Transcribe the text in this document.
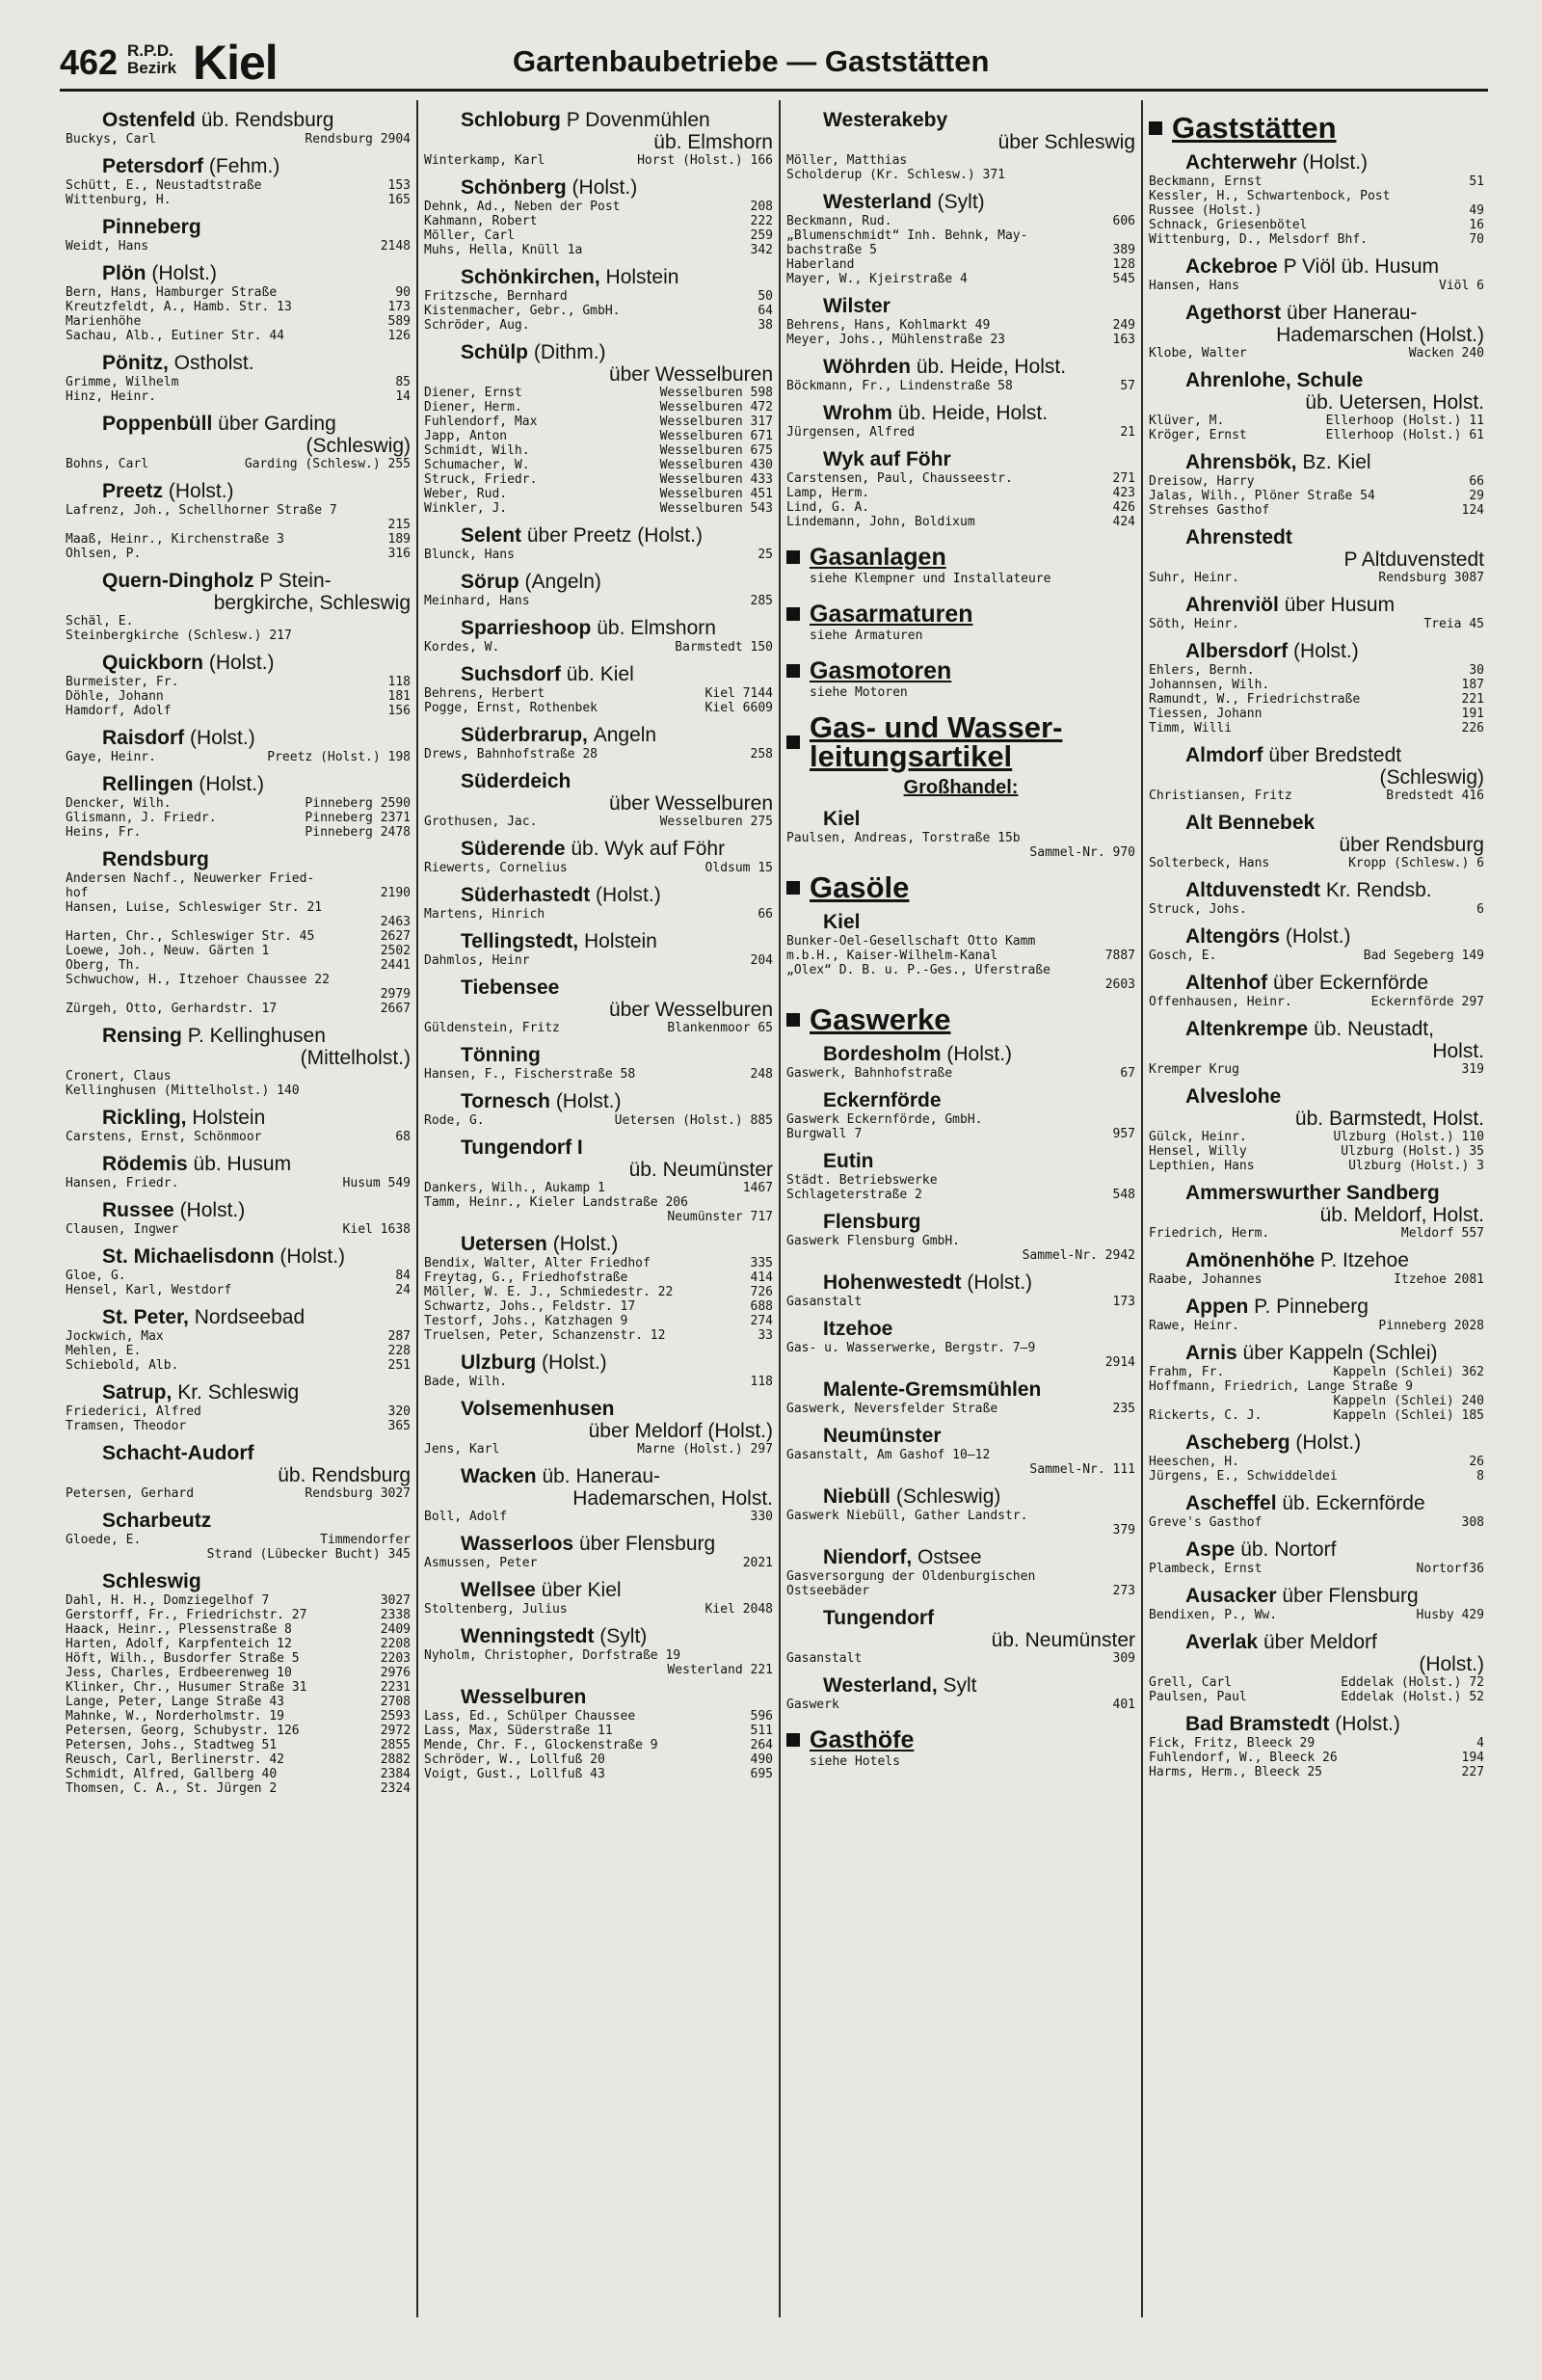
462 R.P.D.
Bezirk Kiel	Gartenbaubetriebe — Gaststätten
Ostenfeld üb. Rendsburg
Buckys, Carl	Rendsburg 2904
Petersdorf (Fehm.)
Schütt, E., Neustadtstraße	153
Wittenburg, H.	165
Pinneberg
Weidt, Hans	2148
Plön (Holst.)
Bern, Hans, Hamburger Straße	90
Kreutzfeldt, A., Hamb. Str. 13	173
Marienhöhe	589
Sachau, Alb., Eutiner Str. 44	126
Pönitz, Ostholst.
Grimme, Wilhelm	85
Hinz, Heinr.	14
Poppenbüll über Garding
(Schleswig)
Bohns, Carl	Garding (Schlesw.) 255
Preetz (Holst.)
Lafrenz, Joh., Schellhorner Straße 7
215
Maaß, Heinr., Kirchenstraße 3	189
Ohlsen, P.	316
Quern-Dingholz P Stein-
bergkirche, Schleswig
Schäl, E.
Steinbergkirche (Schlesw.) 217
Quickborn (Holst.)
Burmeister, Fr.	118
Döhle, Johann	181
Hamdorf, Adolf	156
Raisdorf (Holst.)
Gaye, Heinr.	Preetz (Holst.) 198
Rellingen (Holst.)
Dencker, Wilh.	Pinneberg 2590
Glismann, J. Friedr.	Pinneberg 2371
Heins, Fr.	Pinneberg 2478
Rendsburg
Andersen Nachf., Neuwerker Fried-
hof	2190
Hansen, Luise, Schleswiger Str. 21
2463
Harten, Chr., Schleswiger Str. 45	2627
Loewe, Joh., Neuw. Gärten 1	2502
Oberg, Th.	2441
Schwuchow, H., Itzehoer Chaussee 22
2979
Zürgeh, Otto, Gerhardstr. 17	2667
Rensing P. Kellinghusen
(Mittelholst.)
Cronert, Claus
Kellinghusen (Mittelholst.) 140
Rickling, Holstein
Carstens, Ernst, Schönmoor	68
Rödemis üb. Husum
Hansen, Friedr.	Husum 549
Russee (Holst.)
Clausen, Ingwer	Kiel 1638
St. Michaelisdonn (Holst.)
Gloe, G.	84
Hensel, Karl, Westdorf	24
St. Peter, Nordseebad
Jockwich, Max	287
Mehlen, E.	228
Schiebold, Alb.	251
Satrup, Kr. Schleswig
Friederici, Alfred	320
Tramsen, Theodor	365
Schacht-Audorf
üb. Rendsburg
Petersen, Gerhard	Rendsburg 3027
Scharbeutz
Gloede, E.	Timmendorfer
Strand (Lübecker Bucht) 345
Schleswig
Dahl, H. H., Domziegelhof 7	3027
Gerstorff, Fr., Friedrichstr. 27	2338
Haack, Heinr., Plessenstraße 8	2409
Harten, Adolf, Karpfenteich 12	2208
Höft, Wilh., Busdorfer Straße 5	2203
Jess, Charles, Erdbeerenweg 10	2976
Klinker, Chr., Husumer Straße 31	2231
Lange, Peter, Lange Straße 43	2708
Mahnke, W., Norderholmstr. 19	2593
Petersen, Georg, Schubystr. 126	2972
Petersen, Johs., Stadtweg 51	2855
Reusch, Carl, Berlinerstr. 42	2882
Schmidt, Alfred, Gallberg 40	2384
Thomsen, C. A., St. Jürgen 2	2324
Schloburg P Dovenmühlen
üb. Elmshorn
Winterkamp, Karl	Horst (Holst.) 166
Schönberg (Holst.)
Dehnk, Ad., Neben der Post	208
Kahmann, Robert	222
Möller, Carl	259
Muhs, Hella, Knüll 1a	342
Schönkirchen, Holstein
Fritzsche, Bernhard	50
Kistenmacher, Gebr., GmbH.	64
Schröder, Aug.	38
Schülp (Dithm.)
über Wesselburen
Diener, Ernst	Wesselburen 598
Diener, Herm.	Wesselburen 472
Fuhlendorf, Max	Wesselburen 317
Japp, Anton	Wesselburen 671
Schmidt, Wilh.	Wesselburen 675
Schumacher, W.	Wesselburen 430
Struck, Friedr.	Wesselburen 433
Weber, Rud.	Wesselburen 451
Winkler, J.	Wesselburen 543
Selent über Preetz (Holst.)
Blunck, Hans	25
Sörup (Angeln)
Meinhard, Hans	285
Sparrieshoop üb. Elmshorn
Kordes, W.	Barmstedt 150
Suchsdorf üb. Kiel
Behrens, Herbert	Kiel 7144
Pogge, Ernst, Rothenbek	Kiel 6609
Süderbrarup, Angeln
Drews, Bahnhofstraße 28	258
Süderdeich
über Wesselburen
Grothusen, Jac.	Wesselburen 275
Süderende üb. Wyk auf Föhr
Riewerts, Cornelius	Oldsum 15
Süderhastedt (Holst.)
Martens, Hinrich	66
Tellingstedt, Holstein
Dahmlos, Heinr	204
Tiebensee
über Wesselburen
Güldenstein, Fritz	Blankenmoor 65
Tönning
Hansen, F., Fischerstraße 58	248
Tornesch (Holst.)
Rode, G.	Uetersen (Holst.) 885
Tungendorf I
üb. Neumünster
Dankers, Wilh., Aukamp 1	1467
Tamm, Heinr., Kieler Landstraße 206
Neumünster 717
Uetersen (Holst.)
Bendix, Walter, Alter Friedhof	335
Freytag, G., Friedhofstraße	414
Möller, W. E. J., Schmiedestr. 22	726
Schwartz, Johs., Feldstr. 17	688
Testorf, Johs., Katzhagen 9	274
Truelsen, Peter, Schanzenstr. 12	33
Ulzburg (Holst.)
Bade, Wilh.	118
Volsemenhusen
über Meldorf (Holst.)
Jens, Karl	Marne (Holst.) 297
Wacken üb. Hanerau-
Hademarschen, Holst.
Boll, Adolf	330
Wasserloos über Flensburg
Asmussen, Peter	2021
Wellsee über Kiel
Stoltenberg, Julius	Kiel 2048
Wenningstedt (Sylt)
Nyholm, Christopher, Dorfstraße 19
Westerland 221
Wesselburen
Lass, Ed., Schülper Chaussee	596
Lass, Max, Süderstraße 11	511
Mende, Chr. F., Glockenstraße 9	264
Schröder, W., Lollfuß 20	490
Voigt, Gust., Lollfuß 43	695
Westerakeby
über Schleswig
Möller, Matthias
Scholderup (Kr. Schlesw.) 371
Westerland (Sylt)
Beckmann, Rud.	606
„Blumenschmidt“ Inh. Behnk, May-
bachstraße 5	389
Haberland	128
Mayer, W., Kjeirstraße 4	545
Wilster
Behrens, Hans, Kohlmarkt 49	249
Meyer, Johs., Mühlenstraße 23	163
Wöhrden üb. Heide, Holst.
Böckmann, Fr., Lindenstraße 58	57
Wrohm üb. Heide, Holst.
Jürgensen, Alfred	21
Wyk auf Föhr
Carstensen, Paul, Chausseestr.	271
Lamp, Herm.	423
Lind, G. A.	426
Lindemann, John, Boldixum	424
Gasanlagen
siehe Klempner und Installateure
Gasarmaturen
siehe Armaturen
Gasmotoren
siehe Motoren
Gas- und Wasser-
leitungsartikel
Großhandel:
Kiel
Paulsen, Andreas, Torstraße 15b
Sammel-Nr. 970
Gasöle
Kiel
Bunker-Oel-Gesellschaft Otto Kamm
m.b.H., Kaiser-Wilhelm-Kanal	7887
„Olex“ D. B. u. P.-Ges., Uferstraße
2603
Gaswerke
Bordesholm (Holst.)
Gaswerk, Bahnhofstraße	67
Eckernförde
Gaswerk Eckernförde, GmbH.
Burgwall 7	957
Eutin
Städt. Betriebswerke
Schlageterstraße 2	548
Flensburg
Gaswerk Flensburg GmbH.
Sammel-Nr. 2942
Hohenwestedt (Holst.)
Gasanstalt	173
Itzehoe
Gas- u. Wasserwerke, Bergstr. 7—9
2914
Malente-Gremsmühlen
Gaswerk, Neversfelder Straße	235
Neumünster
Gasanstalt, Am Gashof 10—12
Sammel-Nr. 111
Niebüll (Schleswig)
Gaswerk Niebüll, Gather Landstr.
379
Niendorf, Ostsee
Gasversorgung der Oldenburgischen
Ostseebäder	273
Tungendorf
üb. Neumünster
Gasanstalt	309
Westerland, Sylt
Gaswerk	401
Gasthöfe
siehe Hotels
Gaststätten
Achterwehr (Holst.)
Beckmann, Ernst	51
Kessler, H., Schwartenbock, Post
Russee (Holst.)	49
Schnack, Griesenbötel	16
Wittenburg, D., Melsdorf Bhf.	70
Ackebroe P Viöl üb. Husum
Hansen, Hans	Viöl 6
Agethorst über Hanerau-
Hademarschen (Holst.)
Klobe, Walter	Wacken 240
Ahrenlohe, Schule
üb. Uetersen, Holst.
Klüver, M.	Ellerhoop (Holst.) 11
Kröger, Ernst	Ellerhoop (Holst.) 61
Ahrensbök, Bz. Kiel
Dreisow, Harry	66
Jalas, Wilh., Plöner Straße 54	29
Strehses Gasthof	124
Ahrenstedt
P Altduvenstedt
Suhr, Heinr.	Rendsburg 3087
Ahrenviöl über Husum
Söth, Heinr.	Treia 45
Albersdorf (Holst.)
Ehlers, Bernh.	30
Johannsen, Wilh.	187
Ramundt, W., Friedrichstraße	221
Tiessen, Johann	191
Timm, Willi	226
Almdorf über Bredstedt
(Schleswig)
Christiansen, Fritz	Bredstedt 416
Alt Bennebek
über Rendsburg
Solterbeck, Hans	Kropp (Schlesw.) 6
Altduvenstedt Kr. Rendsb.
Struck, Johs.	6
Altengörs (Holst.)
Gosch, E.	Bad Segeberg 149
Altenhof über Eckernförde
Offenhausen, Heinr.	Eckernförde 297
Altenkrempe üb. Neustadt,
Holst.
Kremper Krug	319
Alveslohe
üb. Barmstedt, Holst.
Gülck, Heinr.	Ulzburg (Holst.) 110
Hensel, Willy	Ulzburg (Holst.) 35
Lepthien, Hans	Ulzburg (Holst.) 3
Ammerswurther Sandberg
üb. Meldorf, Holst.
Friedrich, Herm.	Meldorf 557
Amönenhöhe P. Itzehoe
Raabe, Johannes	Itzehoe 2081
Appen P. Pinneberg
Rawe, Heinr.	Pinneberg 2028
Arnis über Kappeln (Schlei)
Frahm, Fr.	Kappeln (Schlei) 362
Hoffmann, Friedrich, Lange Straße 9
Kappeln (Schlei) 240
Rickerts, C. J.	Kappeln (Schlei) 185
Ascheberg (Holst.)
Heeschen, H.	26
Jürgens, E., Schwiddeldei	8
Ascheffel üb. Eckernförde
Greve's Gasthof	308
Aspe üb. Nortorf
Plambeck, Ernst	Nortorf36
Ausacker über Flensburg
Bendixen, P., Ww.	Husby 429
Averlak über Meldorf
(Holst.)
Grell, Carl	Eddelak (Holst.) 72
Paulsen, Paul	Eddelak (Holst.) 52
Bad Bramstedt (Holst.)
Fick, Fritz, Bleeck 29	4
Fuhlendorf, W., Bleeck 26	194
Harms, Herm., Bleeck 25	227
